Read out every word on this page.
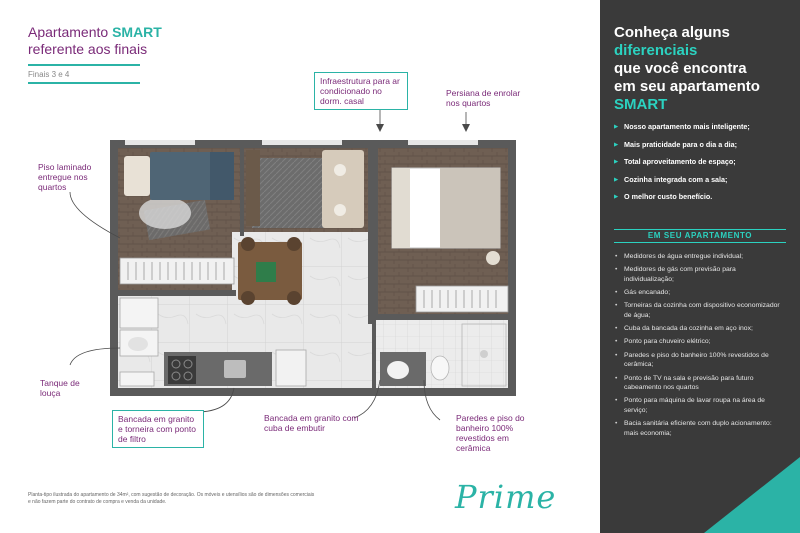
Apartamento SMART
referente aos finais
Finais 3 e 4
Piso laminado entregue nos quartos
Infraestrutura para ar condicionado no dorm. casal
Persiana de enrolar nos quartos
Tanque de louça
Bancada em granito e torneira com ponto de filtro
Bancada em granito com cuba de embutir
Paredes e piso do banheiro 100% revestidos em cerâmica
Planta-tipo ilustrada do apartamento de 34m², com sugestão de decoração. Os móveis e utensílios são de dimensões comerciais e não fazem parte do contrato de compra e venda da unidade.	Prime
Conheça alguns
diferenciais
que você encontra
em seu apartamento
SMART
▶ Nosso apartamento mais inteligente;
▶ Mais praticidade para o dia a dia;
▶ Total aproveitamento de espaço;
▶ Cozinha integrada com a sala;
▶ O melhor custo benefício.
EM SEU APARTAMENTO
• Medidores de água entregue individual;
• Medidores de gás com previsão para individualização;
• Gás encanado;
• Torneiras da cozinha com dispositivo economizador de água;
• Cuba da bancada da cozinha em aço inox;
• Ponto para chuveiro elétrico;
• Paredes e piso do banheiro 100% revestidos de cerâmica;
• Ponto de TV na sala e previsão para futuro cabeamento nos quartos
• Ponto para máquina de lavar roupa na área de serviço;
• Bacia sanitária eficiente com duplo acionamento: mais economia;
